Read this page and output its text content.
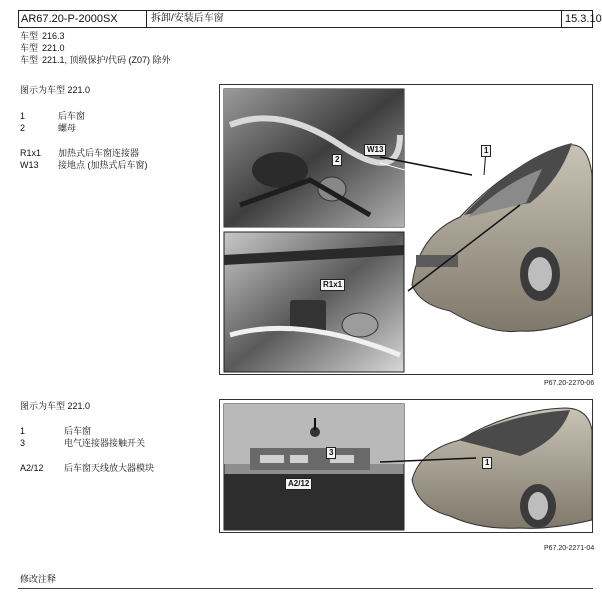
AR67.20-P-2000SX	拆卸/安装后车窗	15.3.10
车型 216.3
车型 221.0
车型 221.1, 顶级保护/代码 (Z07) 除外
图示为车型 221.0
1	后车窗
2	螺母
R1x1 加热式后车窗连接器
W13 接地点 (加热式后车窗)
1
2
W13
R1x1
P67.20-2270-06
图示为车型 221.0
1	后车窗
3	电气连接器接触开关
A2/12 后车窗天线放大器模块
1
3
A2/12
P67.20-2271-04
修改注释
